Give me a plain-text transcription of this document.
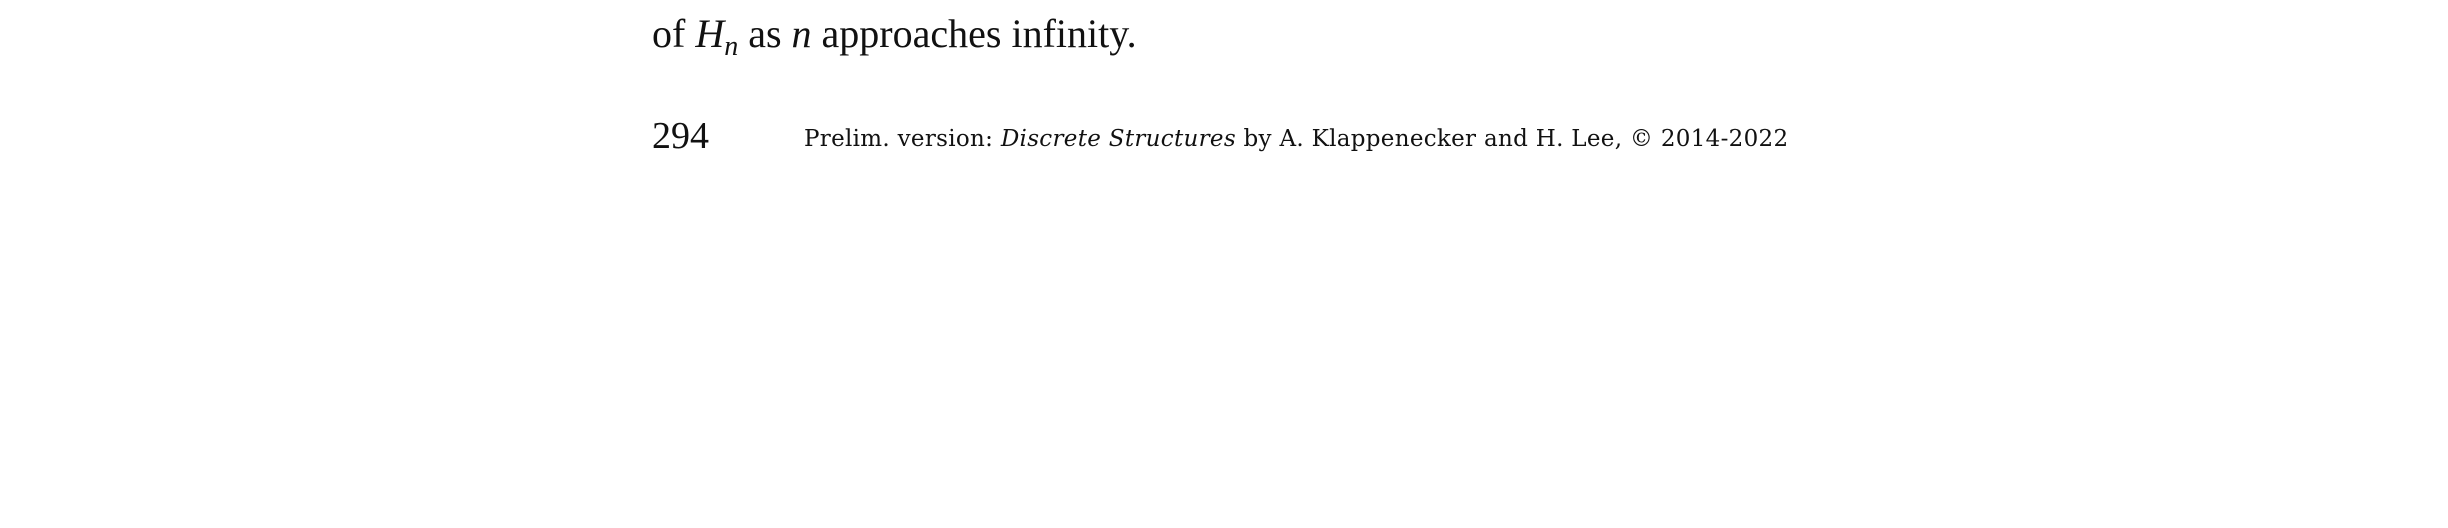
of $H_n$ as n approaches infinity.
294	Prelim. version: Discrete Structures by A. Klappenecker and H. Lee, © 2014-2022
